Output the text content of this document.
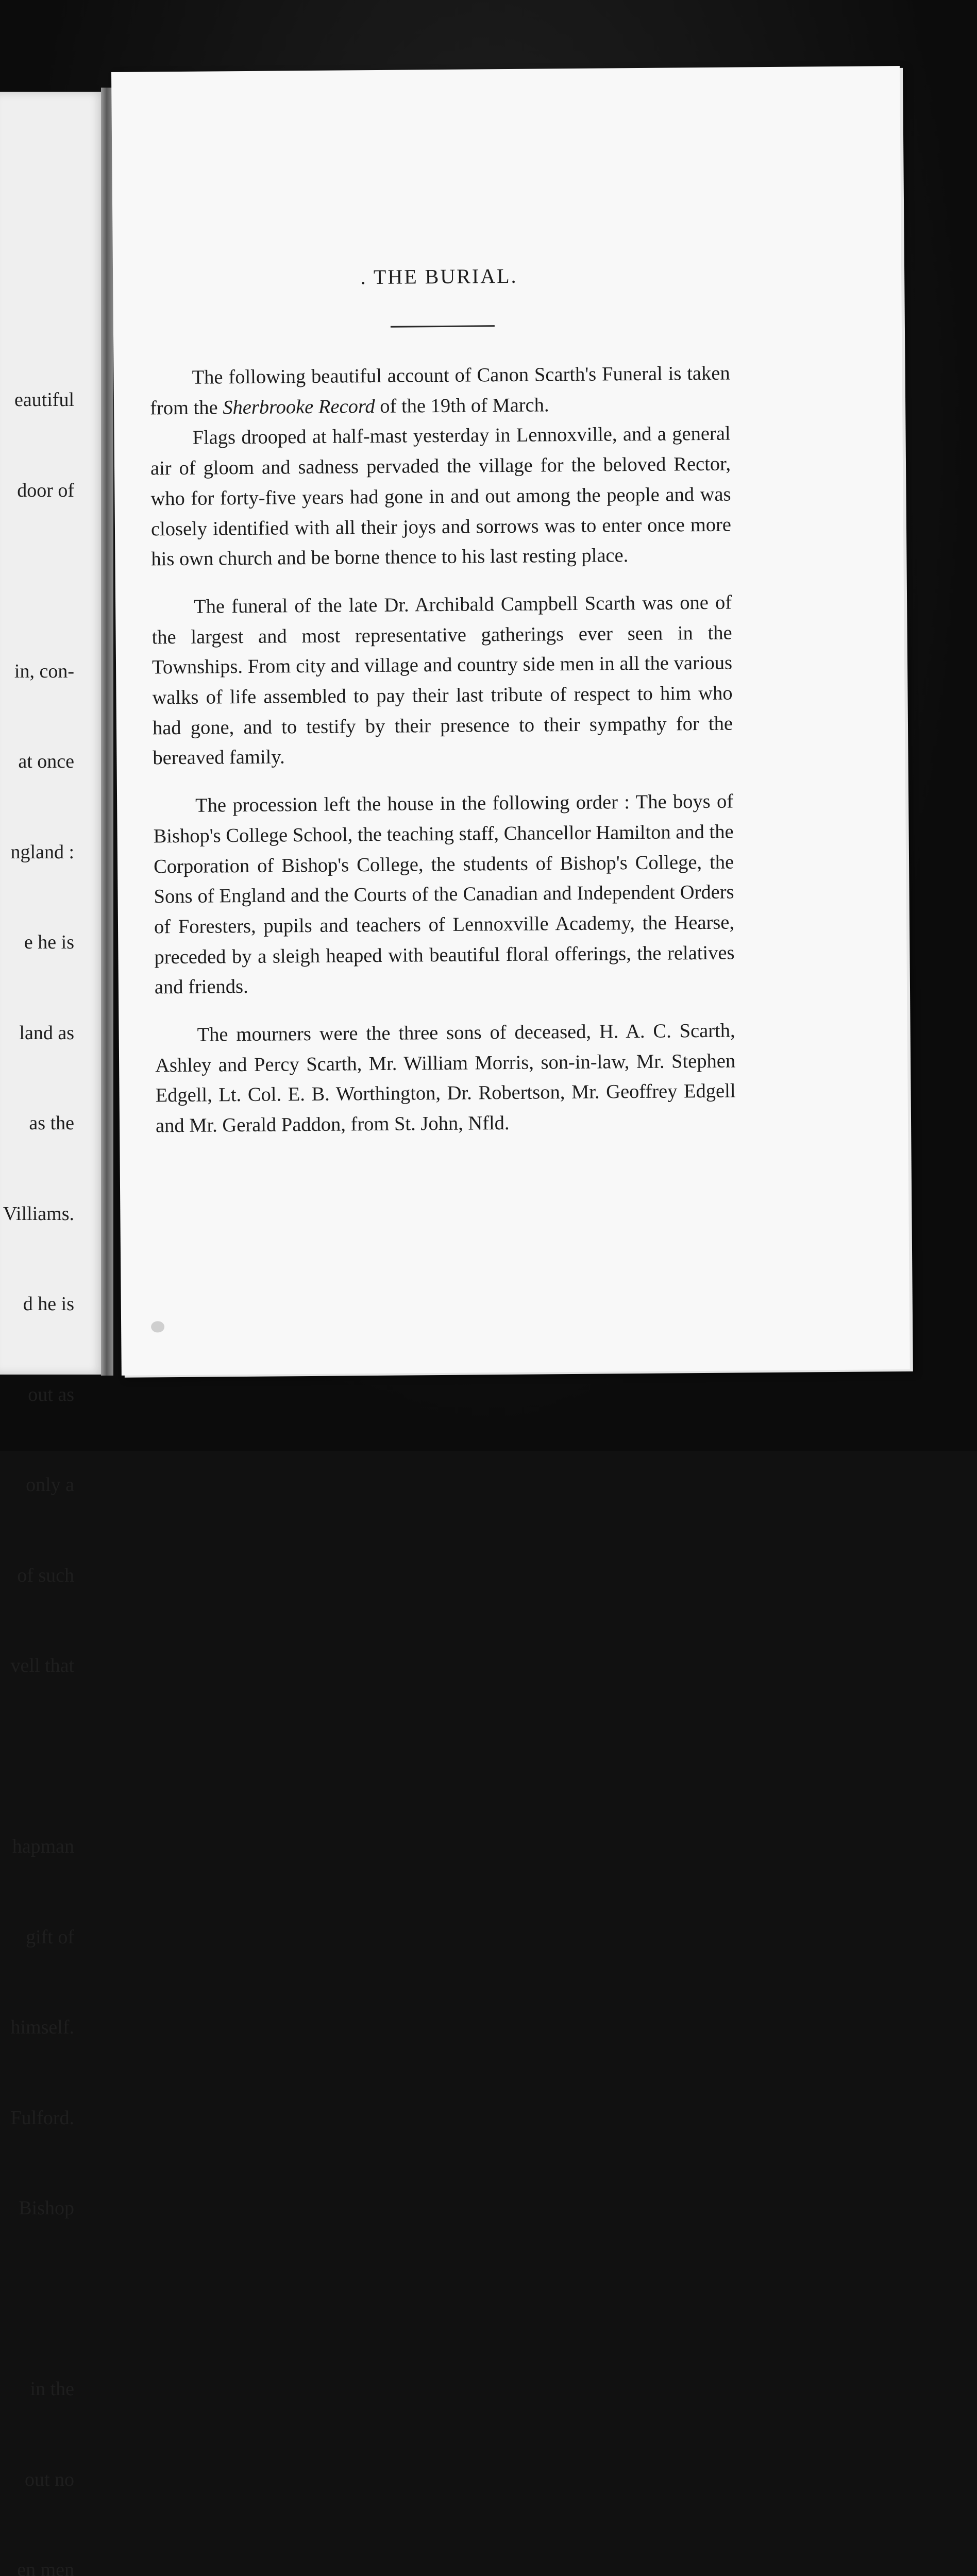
eautiful

door of

in, con-

at once

ngland :

e he is

land as

as the

Villiams.

d he is

out as

only a

of such

vell that

hapman

gift of

himself.

Fulford.

Bishop

in the

out no

en men

. THE BURIAL.

The following beautiful account of Canon Scarth's Funeral is taken from the Sherbrooke Record of the 19th of March.

Flags drooped at half-mast yesterday in Lennoxville, and a general air of gloom and sadness pervaded the village for the beloved Rector, who for forty-five years had gone in and out among the people and was closely identified with all their joys and sorrows was to enter once more his own church and be borne thence to his last resting place.

The funeral of the late Dr. Archibald Campbell Scarth was one of the largest and most representative gatherings ever seen in the Townships. From city and village and country side men in all the various walks of life assembled to pay their last tribute of respect to him who had gone, and to testify by their presence to their sympathy for the bereaved family.

The procession left the house in the following order : The boys of Bishop's College School, the teaching staff, Chancellor Hamilton and the Corporation of Bishop's College, the students of Bishop's College, the Sons of England and the Courts of the Canadian and Independent Orders of Foresters, pupils and teachers of Lennoxville Academy, the Hearse, preceded by a sleigh heaped with beautiful floral offerings, the relatives and friends.

The mourners were the three sons of deceased, H. A. C. Scarth, Ashley and Percy Scarth, Mr. William Morris, son-in-law, Mr. Stephen Edgell, Lt. Col. E. B. Worthington, Dr. Robertson, Mr. Geoffrey Edgell and Mr. Gerald Paddon, from St. John, Nfld.
